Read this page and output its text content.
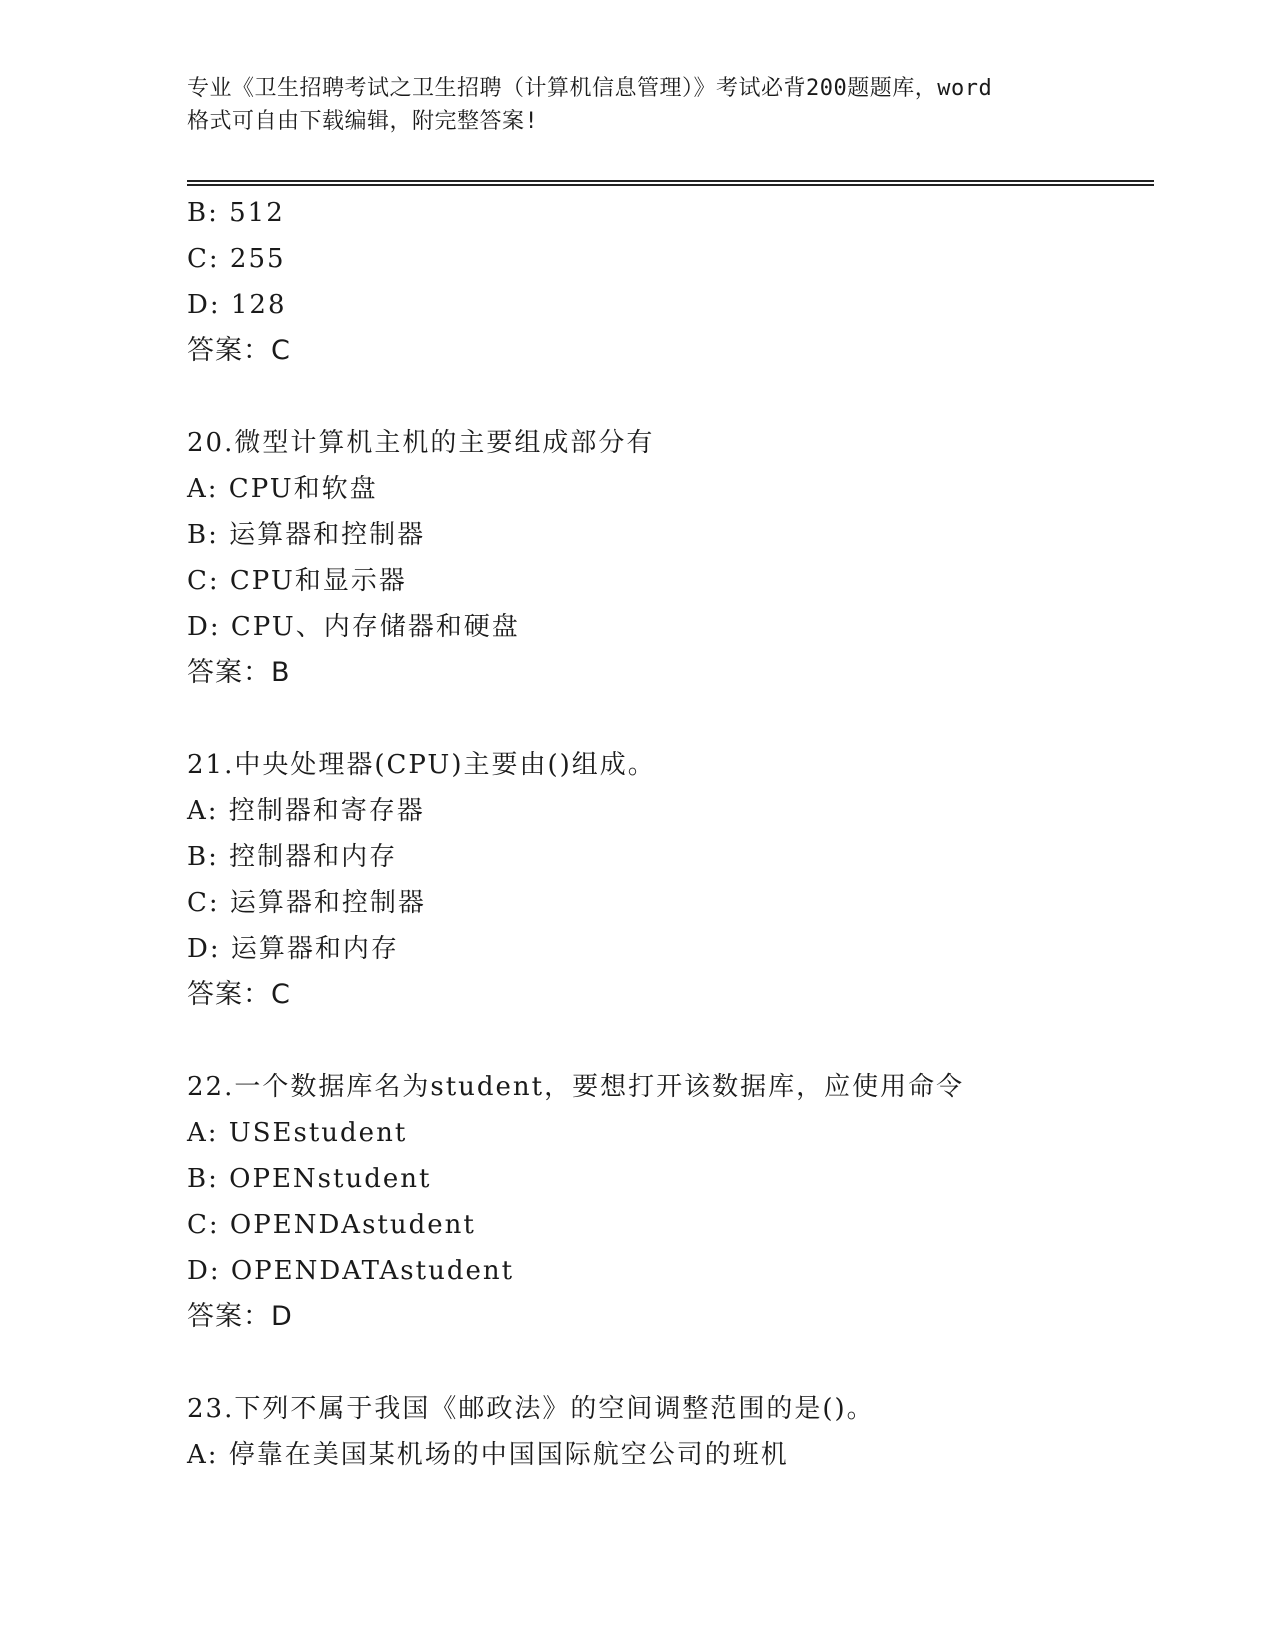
专业《卫生招聘考试之卫生招聘（计算机信息管理）》考试必背200题题库，word
格式可自由下载编辑，附完整答案!
B: 512
C: 255
D: 128
答案：C
20.微型计算机主机的主要组成部分有
A: CPU和软盘
B: 运算器和控制器
C: CPU和显示器
D: CPU、内存储器和硬盘
答案：B
21.中央处理器(CPU)主要由()组成。
A: 控制器和寄存器
B: 控制器和内存
C: 运算器和控制器
D: 运算器和内存
答案：C
22.一个数据库名为student，要想打开该数据库，应使用命令
A: USEstudent
B: OPENstudent
C: OPENDAstudent
D: OPENDATAstudent
答案：D
23.下列不属于我国《邮政法》的空间调整范围的是()。
A: 停靠在美国某机场的中国国际航空公司的班机
